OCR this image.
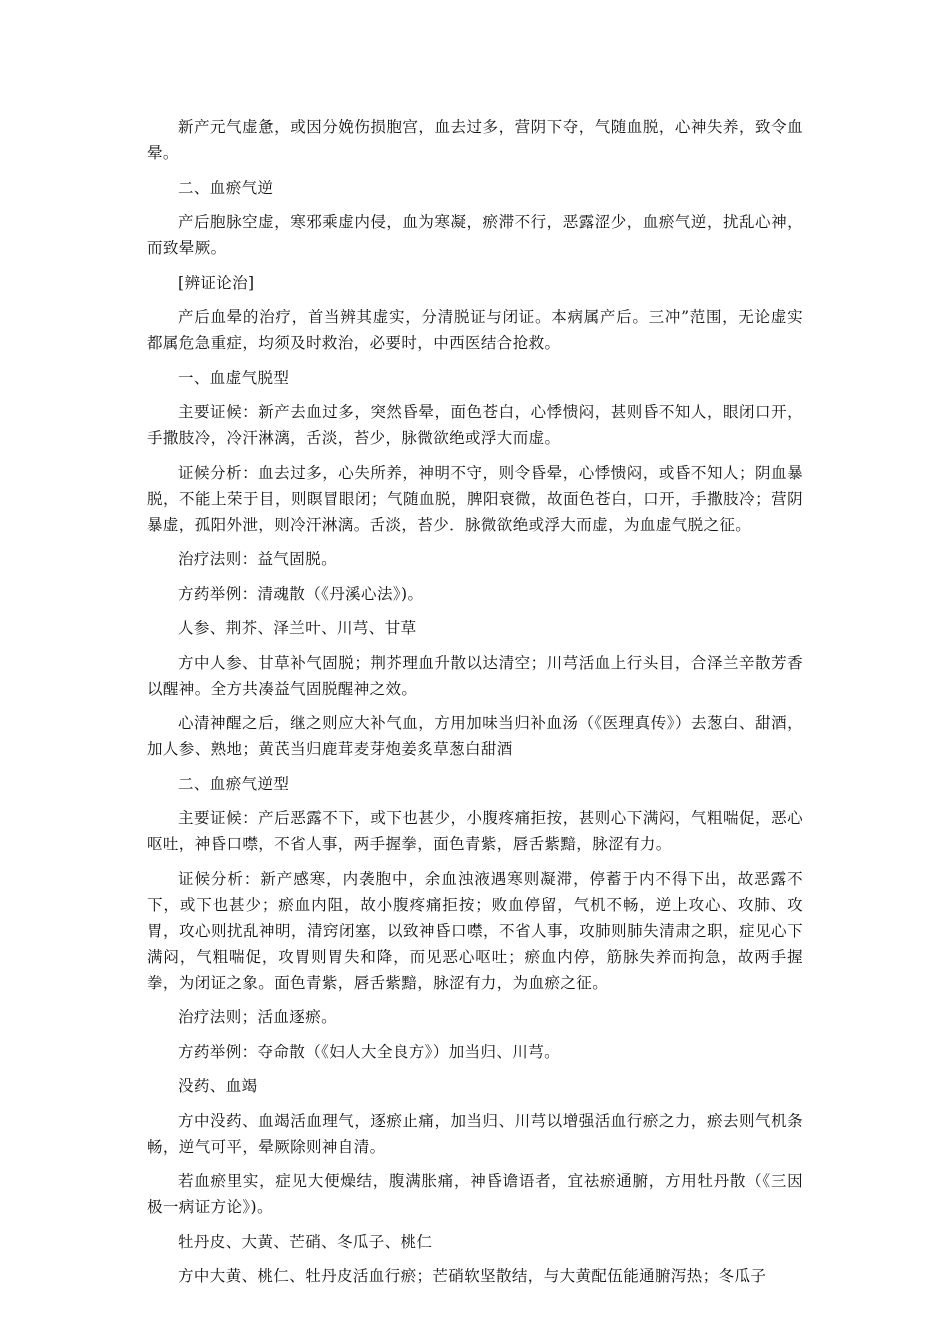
新产元气虚惫，或因分娩伤损胞宫，血去过多，营阴下夺，气随血脱，心神失养，致令血晕。

二、血瘀气逆

产后胞脉空虚，寒邪乘虚内侵，血为寒凝，瘀滞不行，恶露涩少，血瘀气逆，扰乱心神，而致晕厥。

[辨证论治]

产后血晕的治疗，首当辨其虚实，分清脱证与闭证。本病属产后。三冲”范围，无论虚实都属危急重症，均须及时救治，必要时，中西医结合抢救。

一、血虚气脱型

主要证候：新产去血过多，突然昏晕，面色苍白，心悸愦闷，甚则昏不知人，眼闭口开，手撒肢冷，冷汗淋漓，舌淡，苔少，脉微欲绝或浮大而虚。

证候分析：血去过多，心失所养，神明不守，则令昏晕，心悸愦闷，或昏不知人；阴血暴脱，不能上荣于目，则瞑冒眼闭；气随血脱，脾阳衰微，故面色苍白，口开，手撒肢冷；营阴暴虚，孤阳外泄，则冷汗淋漓。舌淡，苔少．脉微欲绝或浮大而虚，为血虚气脱之征。

治疗法则：益气固脱。

方药举例：清魂散（《丹溪心法》)。

人参、荆芥、泽兰叶、川芎、甘草

方中人参、甘草补气固脱；荆芥理血升散以达清空；川芎活血上行头目，合泽兰辛散芳香以醒神。全方共凑益气固脱醒神之效。

心清神醒之后，继之则应大补气血，方用加味当归补血汤（《医理真传》）去葱白、甜酒，加人参、熟地；黄芪当归鹿茸麦芽炮姜炙草葱白甜酒

二、血瘀气逆型

主要证候：产后恶露不下，或下也甚少，小腹疼痛拒按，甚则心下满闷，气粗喘促，恶心呕吐，神昏口噤，不省人事，两手握拳，面色青紫，唇舌紫黯，脉涩有力。

证候分析：新产感寒，内袭胞中，余血浊液遇寒则凝滞，停蓄于内不得下出，故恶露不下，或下也甚少；瘀血内阻，故小腹疼痛拒按；败血停留，气机不畅，逆上攻心、攻肺、攻胃，攻心则扰乱神明，清窍闭塞，以致神昏口噤，不省人事，攻肺则肺失清肃之职，症见心下满闷，气粗喘促，攻胃则胃失和降，而见恶心呕吐；瘀血内停，筋脉失养而拘急，故两手握拳，为闭证之象。面色青紫，唇舌紫黯，脉涩有力，为血瘀之征。

治疗法则；活血逐瘀。

方药举例：夺命散（《妇人大全良方》）加当归、川芎。

没药、血竭

方中没药、血竭活血理气，逐瘀止痛，加当归、川芎以增强活血行瘀之力，瘀去则气机条畅，逆气可平，晕厥除则神自清。

若血瘀里实，症见大便燥结，腹满胀痛，神昏谵语者，宜祛瘀通腑，方用牡丹散（《三因极一病证方论》)。

牡丹皮、大黄、芒硝、冬瓜子、桃仁

方中大黄、桃仁、牡丹皮活血行瘀；芒硝软坚散结，与大黄配伍能通腑泻热；冬瓜子
